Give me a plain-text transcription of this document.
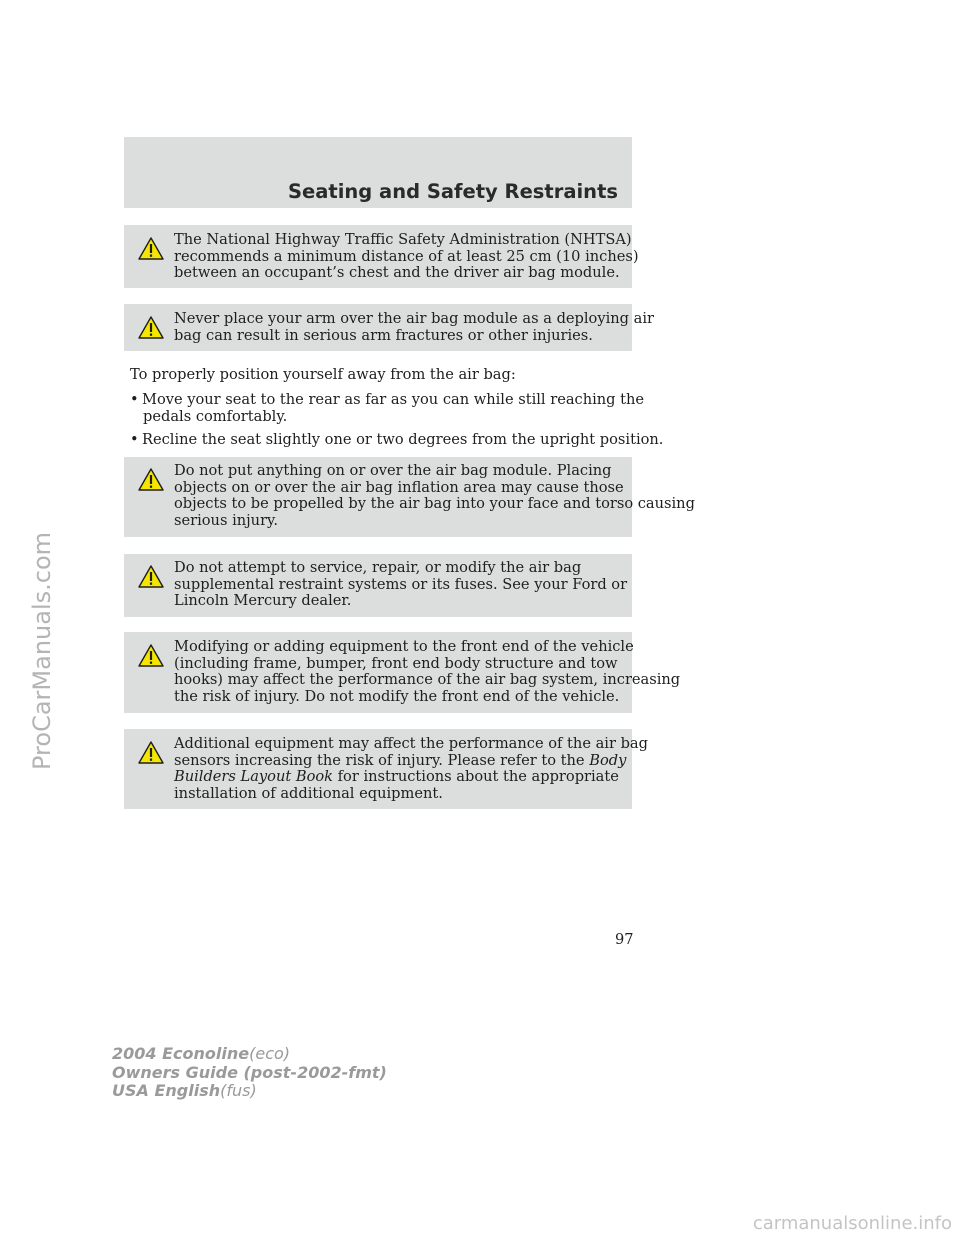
Seating and Safety Restraints
The National Highway Traffic Safety Administration (NHTSA)
recommends a minimum distance of at least 25 cm (10 inches)
between an occupant’s chest and the driver air bag module.
Never place your arm over the air bag module as a deploying air
bag can result in serious arm fractures or other injuries.
To properly position yourself away from the air bag:
• Move your seat to the rear as far as you can while still reaching the
pedals comfortably.
• Recline the seat slightly one or two degrees from the upright position.
Do not put anything on or over the air bag module. Placing
objects on or over the air bag inflation area may cause those
objects to be propelled by the air bag into your face and torso causing
serious injury.
Do not attempt to service, repair, or modify the air bag
supplemental restraint systems or its fuses. See your Ford or
Lincoln Mercury dealer.
Modifying or adding equipment to the front end of the vehicle
(including frame, bumper, front end body structure and tow
hooks) may affect the performance of the air bag system, increasing
the risk of injury. Do not modify the front end of the vehicle.
Additional equipment may affect the performance of the air bag
sensors increasing the risk of injury. Please refer to the Body
Builders Layout Book for instructions about the appropriate
installation of additional equipment.
97
2004 Econoline(eco)
Owners Guide (post-2002-fmt)
USA English(fus)
ProCarManuals.com
carmanualsonline.info
